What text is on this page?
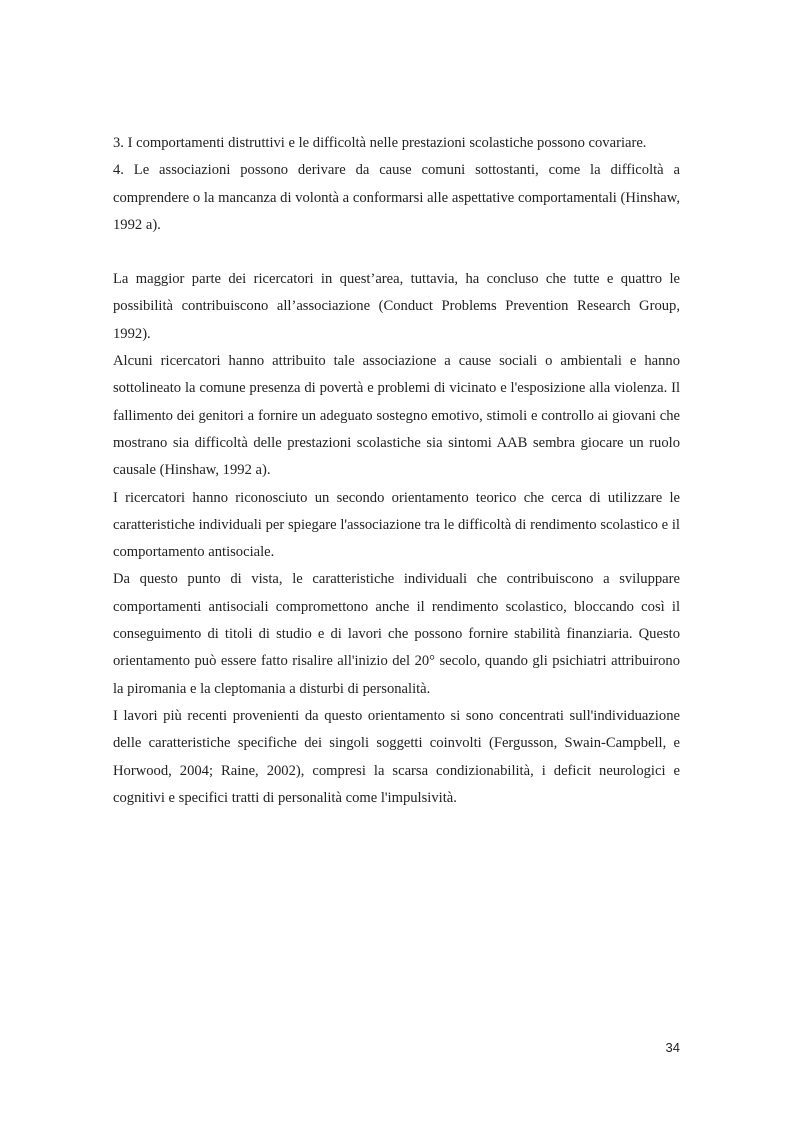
3. I comportamenti distruttivi e le difficoltà nelle prestazioni scolastiche possono covariare.

4. Le associazioni possono derivare da cause comuni sottostanti, come la difficoltà a comprendere o la mancanza di volontà a conformarsi alle aspettative comportamentali (Hinshaw, 1992 a).

La maggior parte dei ricercatori in quest’area, tuttavia, ha concluso che tutte e quattro le possibilità contribuiscono all’associazione (Conduct Problems Prevention Research Group, 1992).

Alcuni ricercatori hanno attribuito tale associazione a cause sociali o ambientali e hanno sottolineato la comune presenza di povertà e problemi di vicinato e l'esposizione alla violenza. Il fallimento dei genitori a fornire un adeguato sostegno emotivo, stimoli e controllo ai giovani che mostrano sia difficoltà delle prestazioni scolastiche sia sintomi AAB sembra giocare un ruolo causale (Hinshaw, 1992 a).

I ricercatori hanno riconosciuto un secondo orientamento teorico che cerca di utilizzare le caratteristiche individuali per spiegare l'associazione tra le difficoltà di rendimento scolastico e il comportamento antisociale.

Da questo punto di vista, le caratteristiche individuali che contribuiscono a sviluppare comportamenti antisociali compromettono anche il rendimento scolastico, bloccando così il conseguimento di titoli di studio e di lavori che possono fornire stabilità finanziaria. Questo orientamento può essere fatto risalire all'inizio del 20° secolo, quando gli psichiatri attribuirono la piromania e la cleptomania a disturbi di personalità.

I lavori più recenti provenienti da questo orientamento si sono concentrati sull'individuazione delle caratteristiche specifiche dei singoli soggetti coinvolti (Fergusson, Swain-Campbell, e Horwood, 2004; Raine, 2002), compresi la scarsa condizionabilità, i deficit neurologici e cognitivi e specifici tratti di personalità come l'impulsività.

34
